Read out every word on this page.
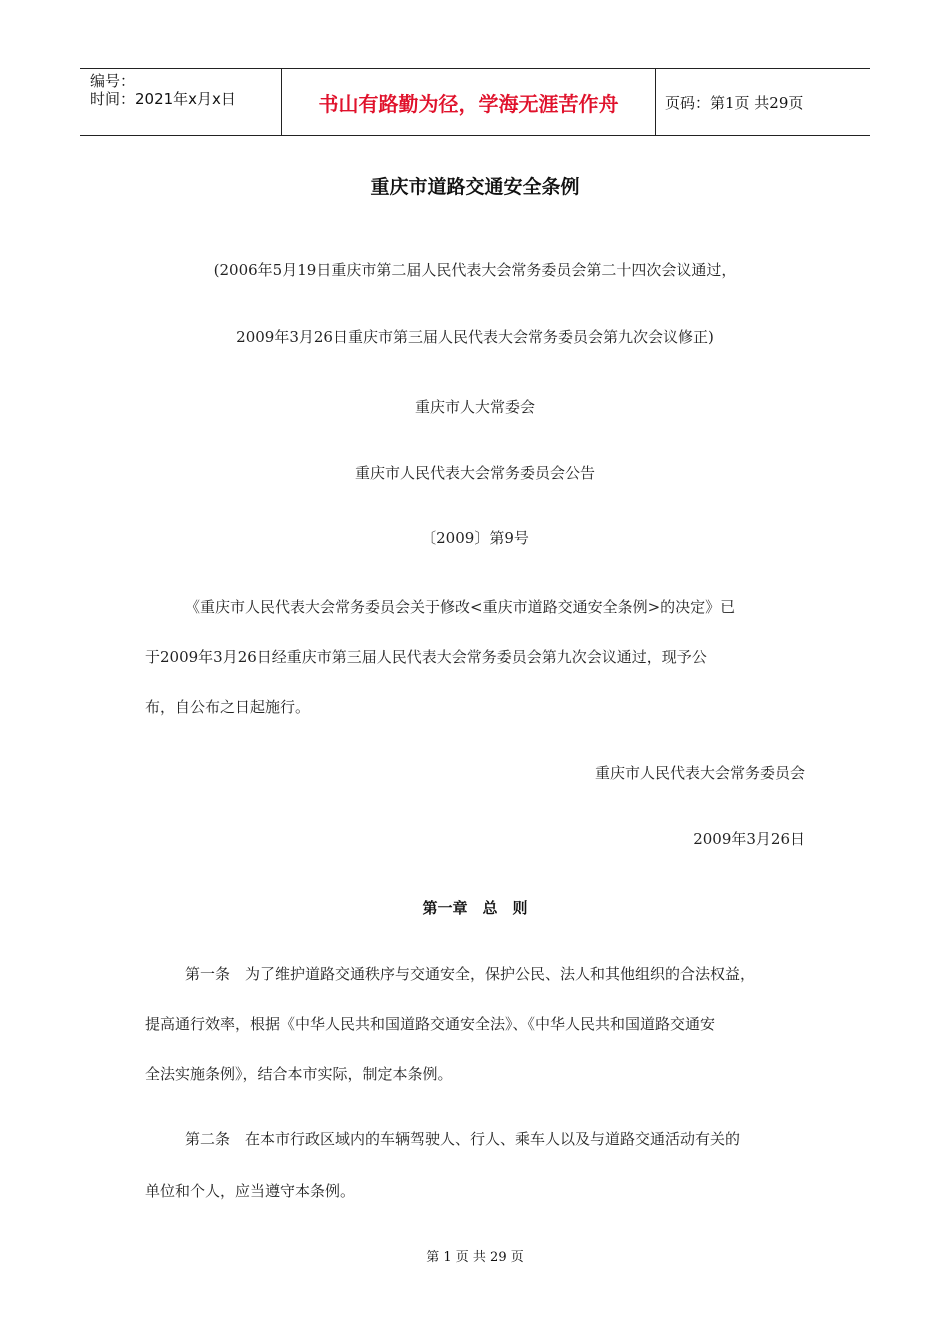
编号：
时间：2021年x月x日	书山有路勤为径，学海无涯苦作舟	页码：第1页 共29页
重庆市道路交通安全条例
(2006年5月19日重庆市第二届人民代表大会常务委员会第二十四次会议通过，
2009年3月26日重庆市第三届人民代表大会常务委员会第九次会议修正)
重庆市人大常委会
重庆市人民代表大会常务委员会公告
〔2009〕第9号
《重庆市人民代表大会常务委员会关于修改<重庆市道路交通安全条例>的决定》已
于2009年3月26日经重庆市第三届人民代表大会常务委员会第九次会议通过，现予公
布，自公布之日起施行。
重庆市人民代表大会常务委员会
2009年3月26日
第一章　总　则
第一条　为了维护道路交通秩序与交通安全，保护公民、法人和其他组织的合法权益，
提高通行效率，根据《中华人民共和国道路交通安全法》、《中华人民共和国道路交通安
全法实施条例》，结合本市实际，制定本条例。
第二条　在本市行政区域内的车辆驾驶人、行人、乘车人以及与道路交通活动有关的
单位和个人，应当遵守本条例。
第 1 页 共 29 页
